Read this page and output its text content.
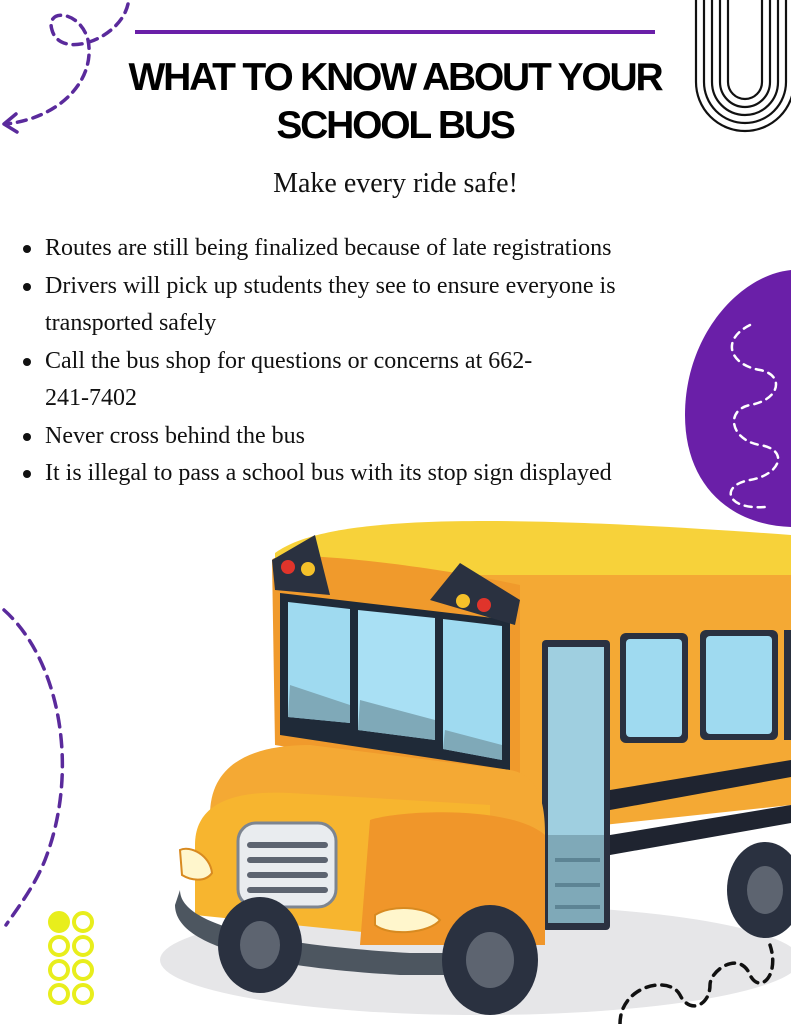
WHAT TO KNOW ABOUT YOUR
SCHOOL BUS

Make every ride safe!

Routes are still being finalized because of late registrations
Drivers will pick up students they see to ensure everyone is transported safely
Call the bus shop for questions or concerns at 662-241-7402
Never cross behind the bus
It is illegal to pass a school bus with its stop sign displayed
